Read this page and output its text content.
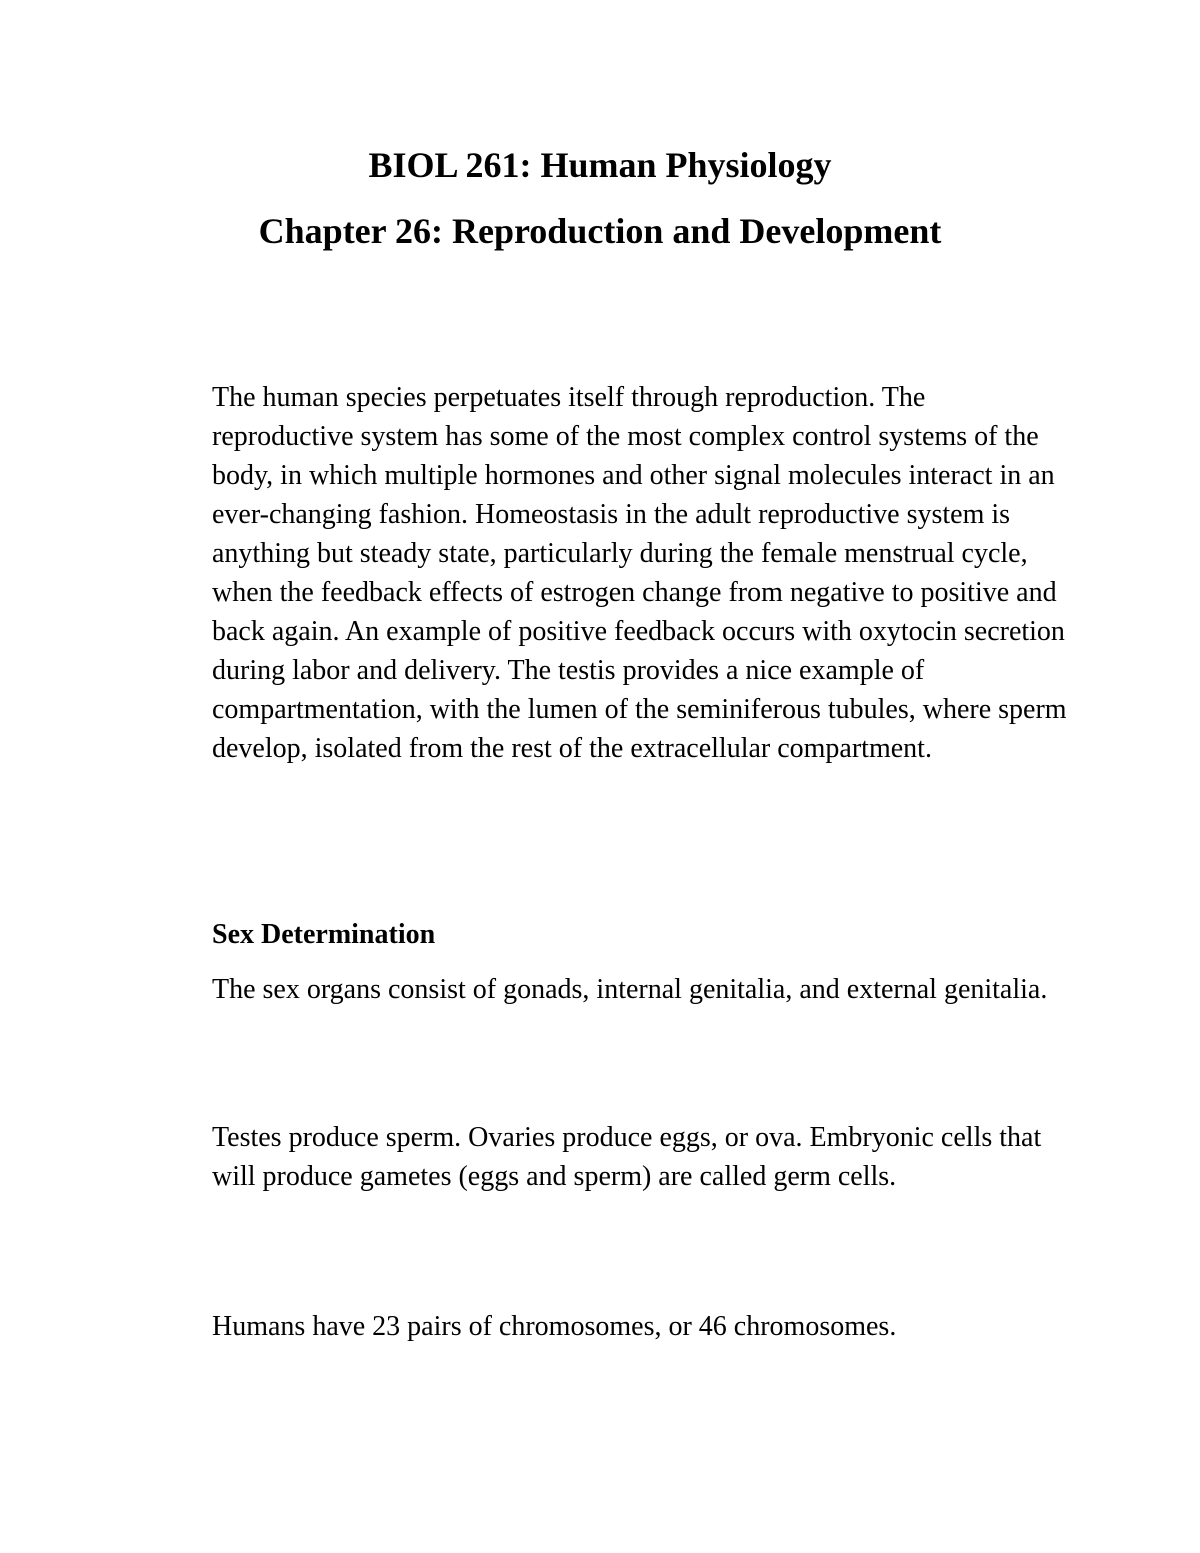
BIOL 261: Human Physiology
Chapter 26: Reproduction and Development

The human species perpetuates itself through reproduction. The reproductive system has some of the most complex control systems of the body, in which multiple hormones and other signal molecules interact in an ever-changing fashion. Homeostasis in the adult reproductive system is anything but steady state, particularly during the female menstrual cycle, when the feedback effects of estrogen change from negative to positive and back again. An example of positive feedback occurs with oxytocin secretion during labor and delivery. The testis provides a nice example of compartmentation, with the lumen of the seminiferous tubules, where sperm develop, isolated from the rest of the extracellular compartment.

Sex Determination

The sex organs consist of gonads, internal genitalia, and external genitalia.

Testes produce sperm. Ovaries produce eggs, or ova. Embryonic cells that will produce gametes (eggs and sperm) are called germ cells.

Humans have 23 pairs of chromosomes, or 46 chromosomes.
